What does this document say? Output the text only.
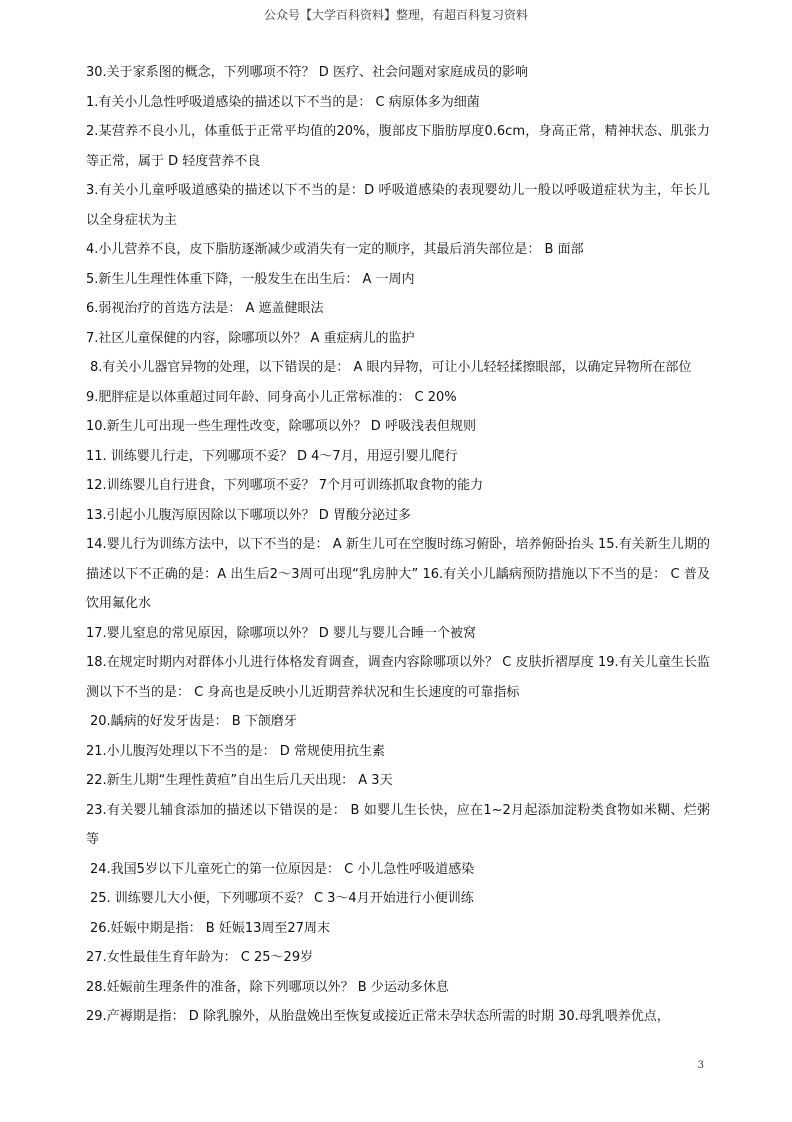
公众号【大学百科资料】整理，有超百科复习资料
30.关于家系图的概念，下列哪项不符？ D 医疗、社会问题对家庭成员的影响
1.有关小儿急性呼吸道感染的描述以下不当的是： C 病原体多为细菌
2.某营养不良小儿，体重低于正常平均值的20%，腹部皮下脂肪厚度0.6cm，身高正常，精神状态、肌张力等正常，属于 D 轻度营养不良
3.有关小儿童呼吸道感染的描述以下不当的是：D 呼吸道感染的表现婴幼儿一般以呼吸道症状为主，年长儿以全身症状为主
4.小儿营养不良，皮下脂肪逐渐减少或消失有一定的顺序，其最后消失部位是： B 面部
5.新生儿生理性体重下降，一般发生在出生后： A 一周内
6.弱视治疗的首选方法是： A 遮盖健眼法
7.社区儿童保健的内容，除哪项以外？ A 重症病儿的监护
8.有关小儿器官异物的处理，以下错误的是： A 眼内异物，可让小儿轻轻揉擦眼部，以确定异物所在部位
9.肥胖症是以体重超过同年龄、同身高小儿正常标准的： C 20%
10.新生儿可出现一些生理性改变，除哪项以外？ D 呼吸浅表但规则
11. 训练婴儿行走，下列哪项不妥？ D 4～7月，用逗引婴儿爬行
12.训练婴儿自行进食，下列哪项不妥？ 7个月可训练抓取食物的能力
13.引起小儿腹泻原因除以下哪项以外？ D 胃酸分泌过多
14.婴儿行为训练方法中，以下不当的是： A 新生儿可在空腹时练习俯卧，培养俯卧抬头 15.有关新生儿期的描述以下不正确的是：A 出生后2～3周可出现“乳房肿大” 16.有关小儿龋病预防措施以下不当的是： C 普及饮用氟化水
17.婴儿窒息的常见原因，除哪项以外？ D 婴儿与婴儿合睡一个被窝
18.在规定时期内对群体小儿进行体格发育调查，调查内容除哪项以外？ C 皮肤折褶厚度 19.有关儿童生长监测以下不当的是： C 身高也是反映小儿近期营养状况和生长速度的可靠指标
20.龋病的好发牙齿是： B 下颌磨牙
21.小儿腹泻处理以下不当的是： D 常规使用抗生素
22.新生儿期“生理性黄疸”自出生后几天出现： A 3天
23.有关婴儿辅食添加的描述以下错误的是： B 如婴儿生长快，应在1~2月起添加淀粉类食物如米糊、烂粥等
24.我国5岁以下儿童死亡的第一位原因是： C 小儿急性呼吸道感染
25. 训练婴儿大小便，下列哪项不妥？ C 3～4月开始进行小便训练
26.妊娠中期是指： B 妊娠13周至27周末
27.女性最佳生育年龄为： C 25～29岁
28.妊娠前生理条件的准备，除下列哪项以外？ B 少运动多休息
29.产褥期是指： D 除乳腺外，从胎盘娩出至恢复或接近正常未孕状态所需的时期 30.母乳喂养优点，
3
